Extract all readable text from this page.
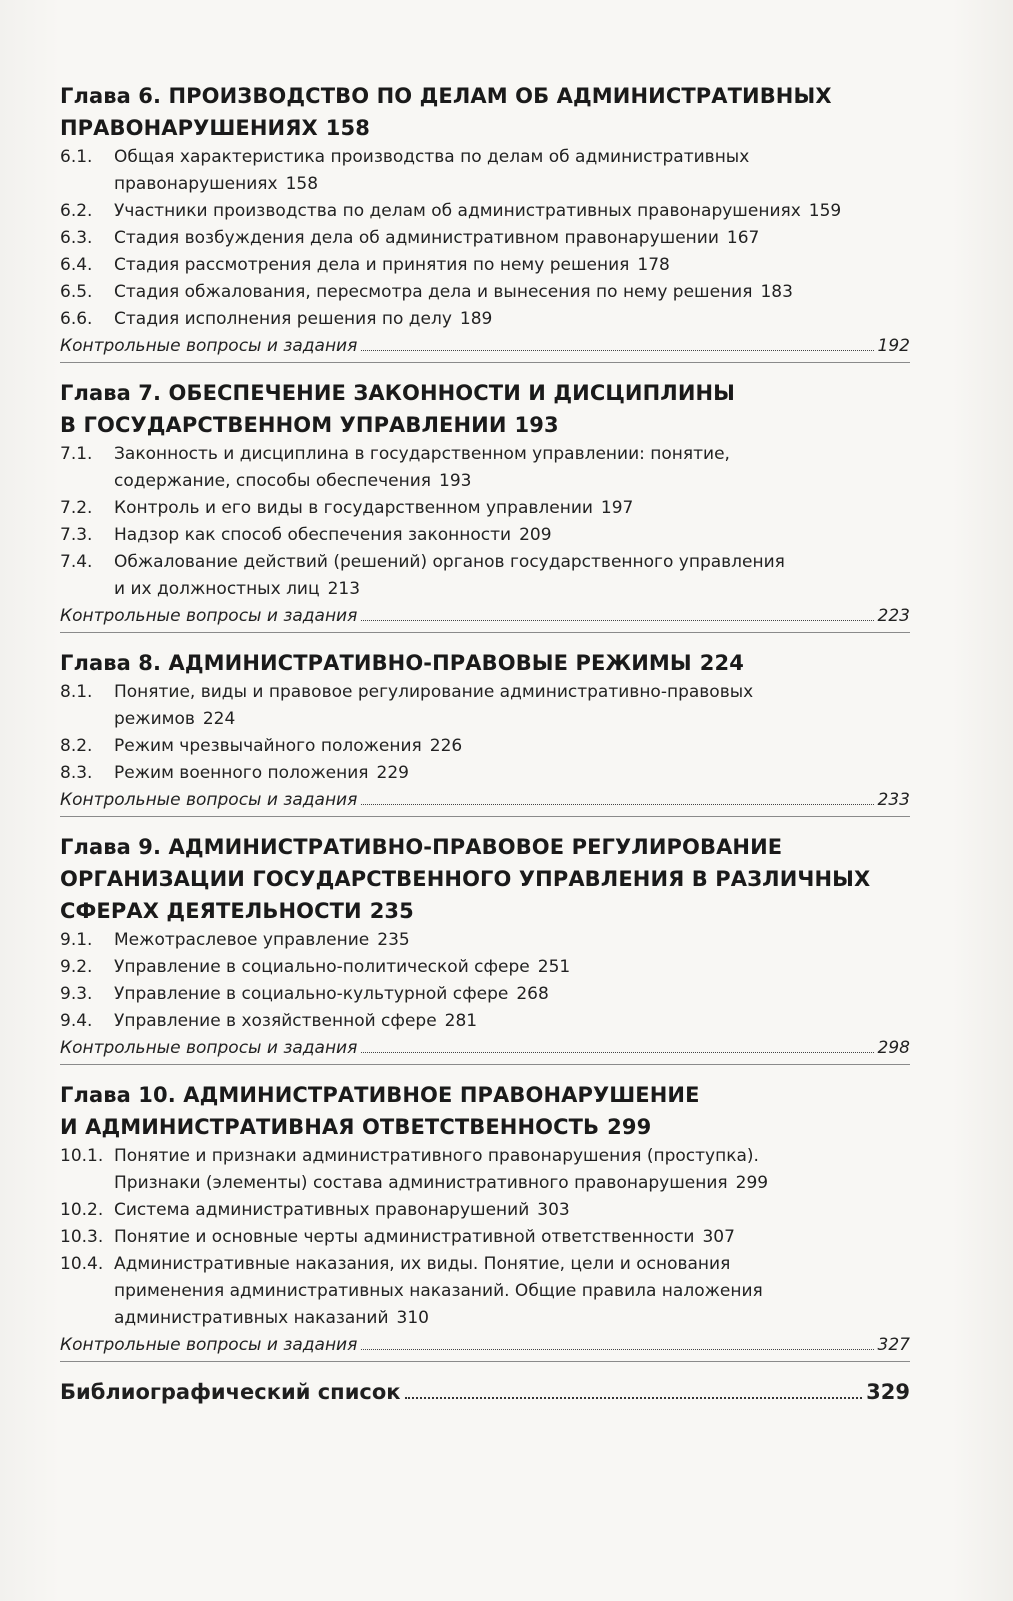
Глава 6. ПРОИЗВОДСТВО ПО ДЕЛАМ ОБ АДМИНИСТРАТИВНЫХ
ПРАВОНАРУШЕНИЯХ 158
6.1.	Общая характеристика производства по делам об административных
правонарушениях 158
6.2.	Участники производства по делам об административных правонарушениях 159
6.3.	Стадия возбуждения дела об административном правонарушении 167
6.4.	Стадия рассмотрения дела и принятия по нему решения 178
6.5.	Стадия обжалования, пересмотра дела и вынесения по нему решения 183
6.6.	Стадия исполнения решения по делу 189
Контрольные вопросы и задания	192
Глава 7. ОБЕСПЕЧЕНИЕ ЗАКОННОСТИ И ДИСЦИПЛИНЫ
В ГОСУДАРСТВЕННОМ УПРАВЛЕНИИ 193
7.1.	Законность и дисциплина в государственном управлении: понятие,
содержание, способы обеспечения 193
7.2.	Контроль и его виды в государственном управлении 197
7.3.	Надзор как способ обеспечения законности 209
7.4.	Обжалование действий (решений) органов государственного управления
и их должностных лиц 213
Контрольные вопросы и задания	223
Глава 8. АДМИНИСТРАТИВНО-ПРАВОВЫЕ РЕЖИМЫ 224
8.1.	Понятие, виды и правовое регулирование административно-правовых
режимов 224
8.2.	Режим чрезвычайного положения 226
8.3.	Режим военного положения 229
Контрольные вопросы и задания	233
Глава 9. АДМИНИСТРАТИВНО-ПРАВОВОЕ РЕГУЛИРОВАНИЕ
ОРГАНИЗАЦИИ ГОСУДАРСТВЕННОГО УПРАВЛЕНИЯ В РАЗЛИЧНЫХ
СФЕРАХ ДЕЯТЕЛЬНОСТИ 235
9.1.	Межотраслевое управление 235
9.2.	Управление в социально-политической сфере 251
9.3.	Управление в социально-культурной сфере 268
9.4.	Управление в хозяйственной сфере 281
Контрольные вопросы и задания	298
Глава 10. АДМИНИСТРАТИВНОЕ ПРАВОНАРУШЕНИЕ
И АДМИНИСТРАТИВНАЯ ОТВЕТСТВЕННОСТЬ 299
10.1. Понятие и признаки административного правонарушения (проступка).
Признаки (элементы) состава административного правонарушения 299
10.2. Система административных правонарушений 303
10.3. Понятие и основные черты административной ответственности 307
10.4. Административные наказания, их виды. Понятие, цели и основания
применения административных наказаний. Общие правила наложения
административных наказаний 310
Контрольные вопросы и задания	327
Библиографический список	329
